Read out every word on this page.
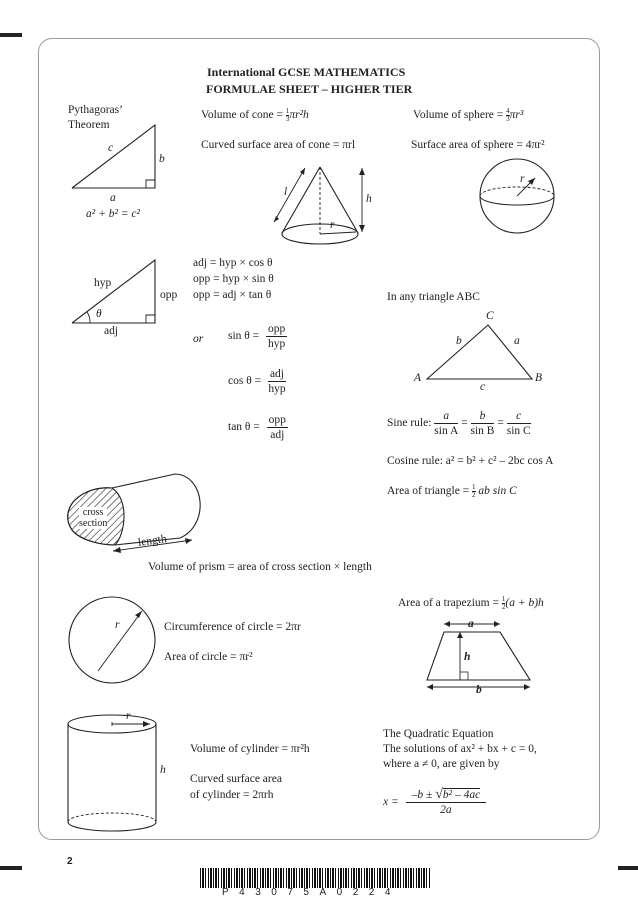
International GCSE MATHEMATICS
FORMULAE SHEET – HIGHER TIER
Pythagoras’
Theorem
c
b
a
a² + b² = c²
Volume of cone = $\frac{1}{3} \pi r^2h$
Curved surface area of cone = πrl
l
h
r
Volume of sphere = $\frac{4}{3} \pi r^3$
Surface area of sphere = 4πr²
r
hyp
opp
θ
adj
adj = hyp × cos θ
opp = hyp × sin θ
opp = adj × tan θ
or $\sin \theta = \frac{\text{opp}}{\text{hyp}}$
$\cos \theta = \frac{\text{adj}}{\text{hyp}}$
$\tan \theta = \frac{\text{opp}}{\text{adj}}$
In any triangle ABC
C
b	a
A	B
c
Sine rule: $\frac{a}{\text{sin A}} = \frac{b}{\text{sin B}} = \frac{c}{\text{sin C}}$
Cosine rule: a² = b² + c² – 2bc cos A
Area of triangle = $\frac{1}{2}$ ab sin C
cross
section
length
Volume of prism = area of cross section × length
Area of a trapezium = $\frac{1}{2} (a + b)h$
a
h
b
r	Circumference of circle = 2πr
Area of circle = πr²
r
h
Volume of cylinder = πr²h
Curved surface area
of cylinder = 2πrh
The Quadratic Equation
The solutions of ax² + bx + c = 0,
where a ≠ 0, are given by
$x = \frac{\text{–b ± √b² – 4ac}}{2a}$
2
P43075A0224
